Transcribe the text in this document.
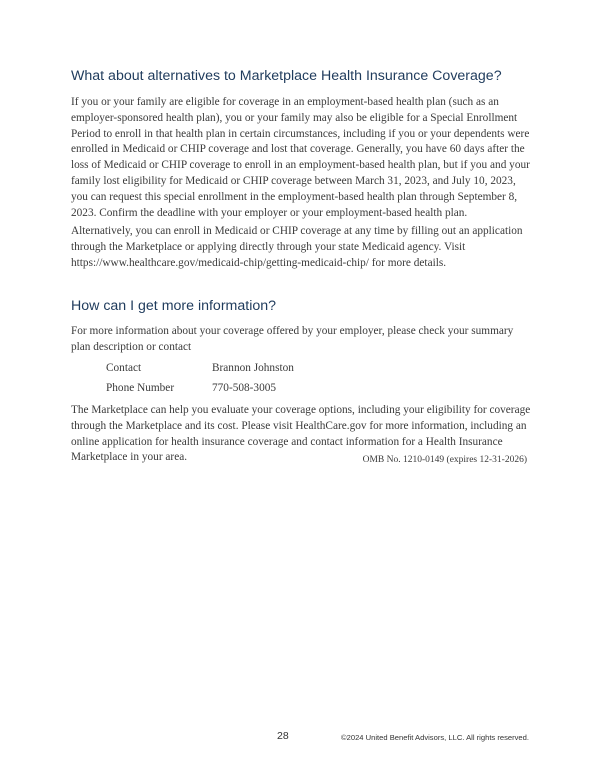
What about alternatives to Marketplace Health Insurance Coverage?

If you or your family are eligible for coverage in an employment-based health plan (such as an employer-sponsored health plan), you or your family may also be eligible for a Special Enrollment Period to enroll in that health plan in certain circumstances, including if you or your dependents were enrolled in Medicaid or CHIP coverage and lost that coverage. Generally, you have 60 days after the loss of Medicaid or CHIP coverage to enroll in an employment-based health plan, but if you and your family lost eligibility for Medicaid or CHIP coverage between March 31, 2023, and July 10, 2023, you can request this special enrollment in the employment-based health plan through September 8, 2023. Confirm the deadline with your employer or your employment-based health plan.

Alternatively, you can enroll in Medicaid or CHIP coverage at any time by filling out an application through the Marketplace or applying directly through your state Medicaid agency. Visit https://www.healthcare.gov/medicaid-chip/getting-medicaid-chip/ for more details.

How can I get more information?

For more information about your coverage offered by your employer, please check your summary plan description or contact

Contact	Brannon Johnston
Phone Number	770-508-3005

The Marketplace can help you evaluate your coverage options, including your eligibility for coverage through the Marketplace and its cost. Please visit HealthCare.gov for more information, including an online application for health insurance coverage and contact information for a Health Insurance Marketplace in your area.	OMB No. 1210-0149 (expires 12-31-2026)
28	©2024 United Benefit Advisors, LLC. All rights reserved.
